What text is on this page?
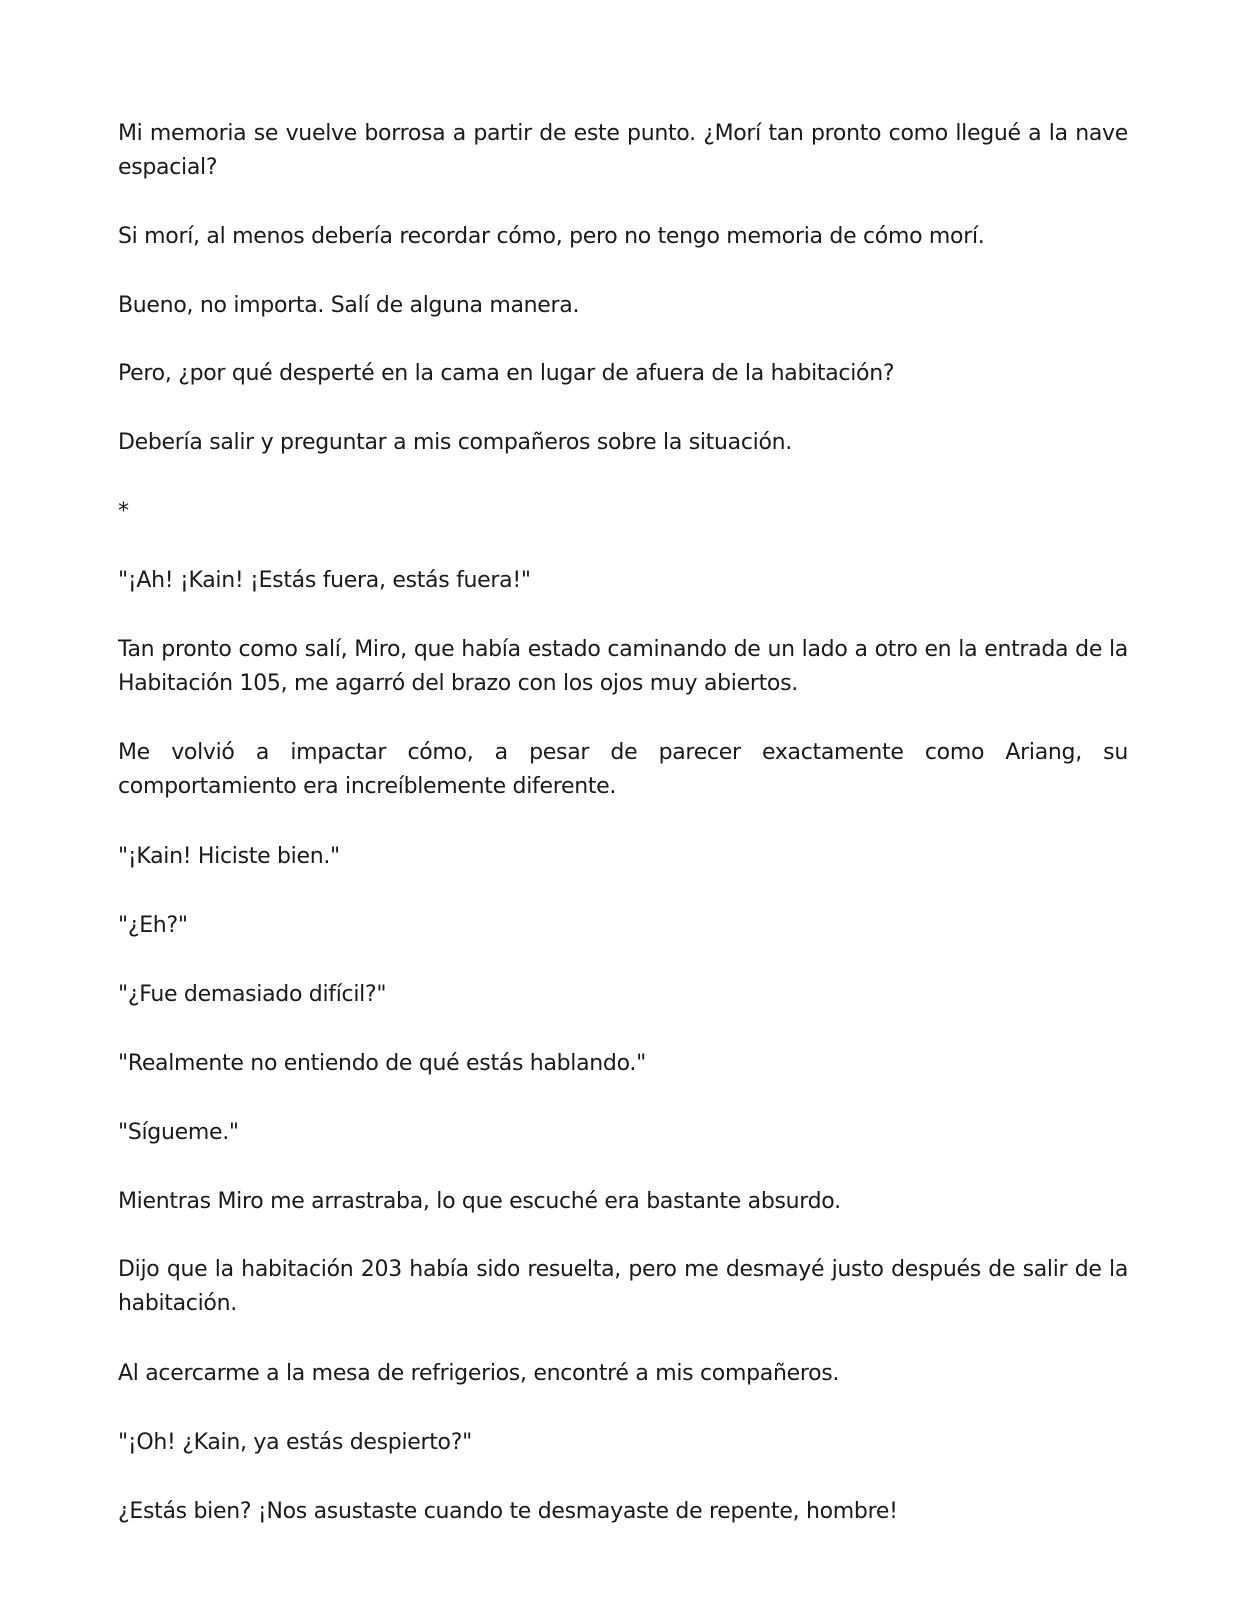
Mi memoria se vuelve borrosa a partir de este punto. ¿Morí tan pronto como llegué a la nave espacial?

Si morí, al menos debería recordar cómo, pero no tengo memoria de cómo morí.

Bueno, no importa. Salí de alguna manera.

Pero, ¿por qué desperté en la cama en lugar de afuera de la habitación?

Debería salir y preguntar a mis compañeros sobre la situación.

*

"¡Ah! ¡Kain! ¡Estás fuera, estás fuera!"

Tan pronto como salí, Miro, que había estado caminando de un lado a otro en la entrada de la Habitación 105, me agarró del brazo con los ojos muy abiertos.

Me volvió a impactar cómo, a pesar de parecer exactamente como Ariang, su comportamiento era increíblemente diferente.

"¡Kain! Hiciste bien."

"¿Eh?"

"¿Fue demasiado difícil?"

"Realmente no entiendo de qué estás hablando."

"Sígueme."

Mientras Miro me arrastraba, lo que escuché era bastante absurdo.

Dijo que la habitación 203 había sido resuelta, pero me desmayé justo después de salir de la habitación.

Al acercarme a la mesa de refrigerios, encontré a mis compañeros.

"¡Oh! ¿Kain, ya estás despierto?"

¿Estás bien? ¡Nos asustaste cuando te desmayaste de repente, hombre!
